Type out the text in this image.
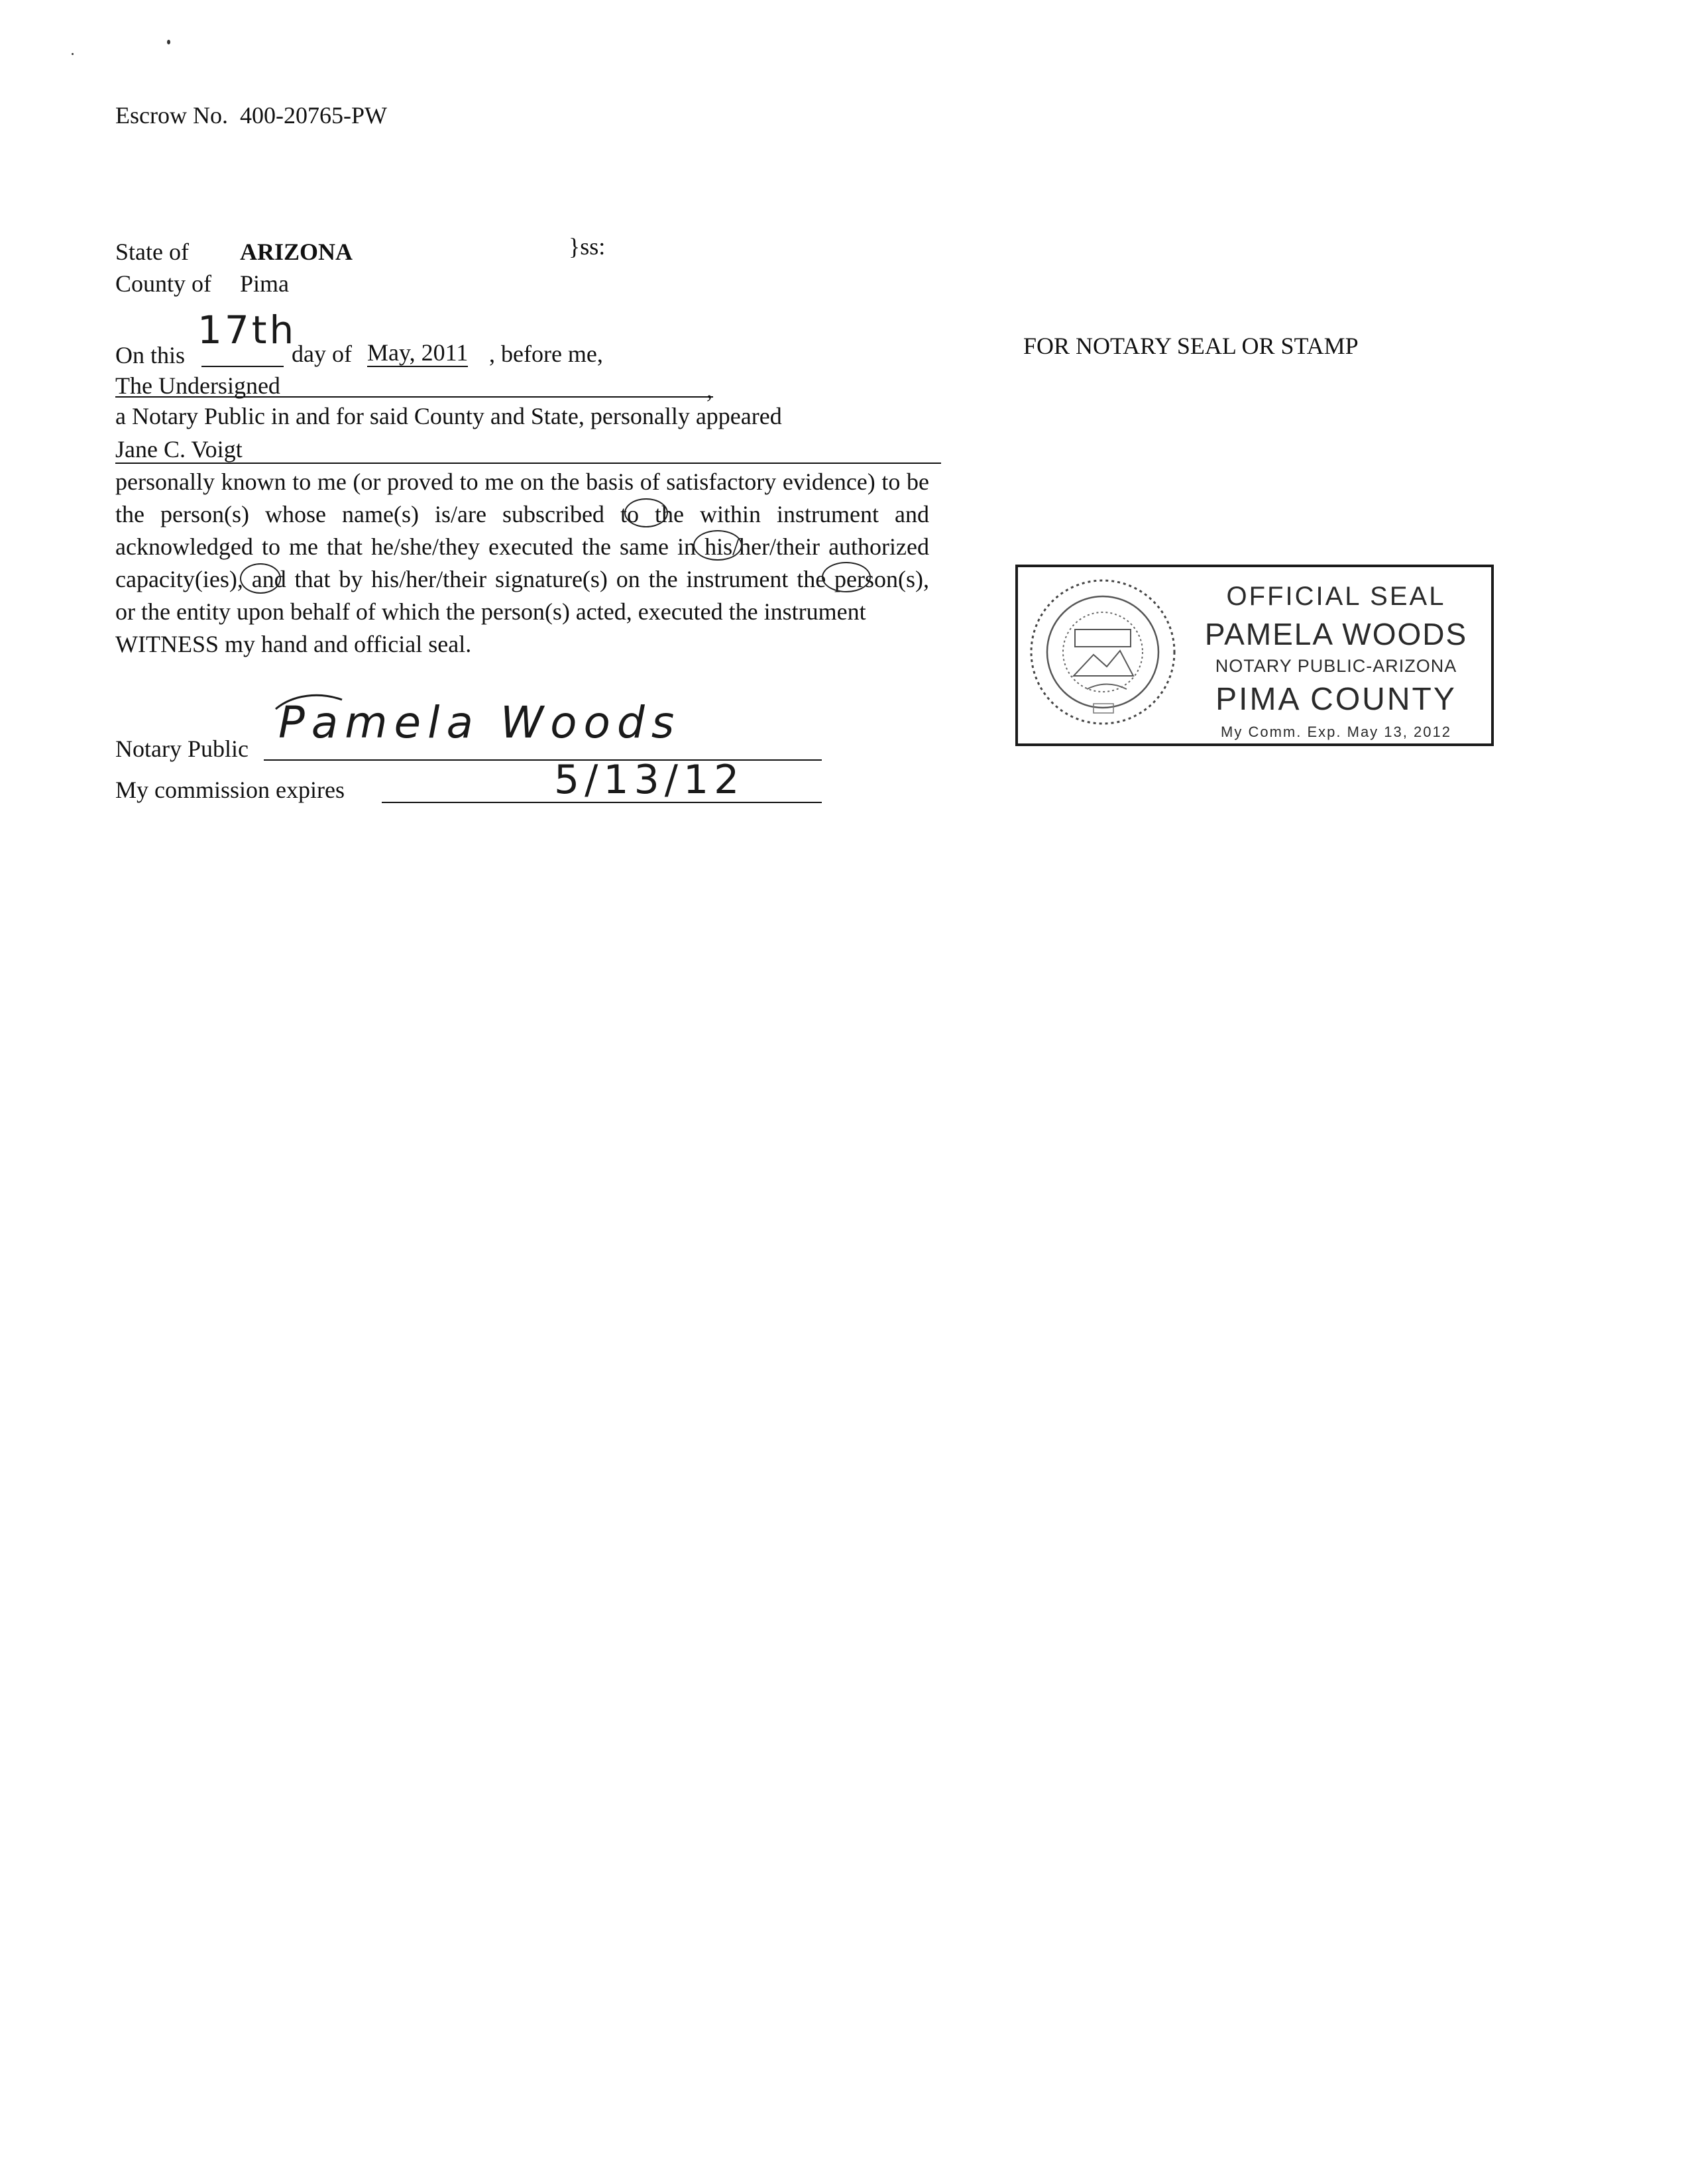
Escrow No. 400-20765-PW
State of ARIZONA	}ss:
County of Pima
On this
17th
day of May, 2011 , before me,
The Undersigned	,
a Notary Public in and for said County and State, personally appeared
Jane C. Voigt

personally known to me (or proved to me on the basis of satisfactory evidence) to be the person(s) whose name(s) is/are subscribed to the within instrument and acknowledged to me that he/she/they executed the same in his/her/their authorized capacity(ies), and that by his/her/their signature(s) on the instrument the person(s), or the entity upon behalf of which the person(s) acted, executed the instrument

WITNESS my hand and official seal.

Notary Public
Pamela Woods
My commission expires	5/13/12
FOR NOTARY SEAL OR STAMP
OFFICIAL SEAL
PAMELA WOODS
NOTARY PUBLIC-ARIZONA
PIMA COUNTY
My Comm. Exp. May 13, 2012
